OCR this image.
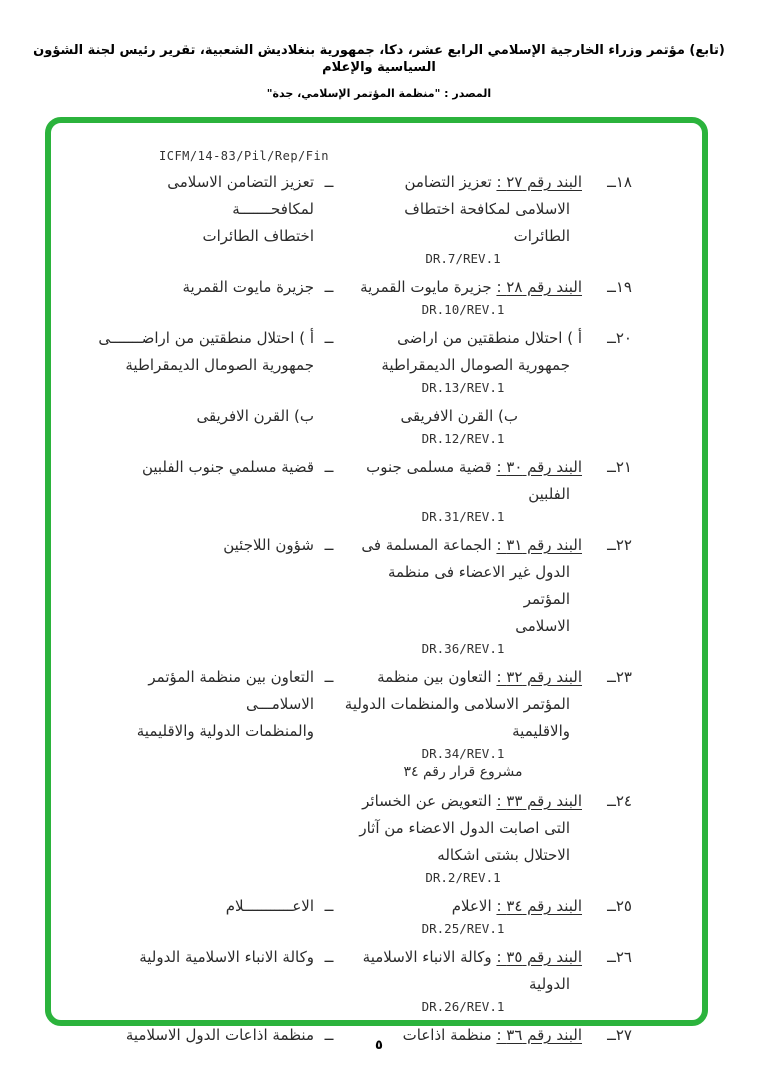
(تابع) مؤتمر وزراء الخارجية الإسلامي الرابع عشر، دكا، جمهورية بنغلاديش الشعبية، تقرير رئيس لجنة الشؤون السياسية والإعلام
المصدر : "منظمة المؤتمر الإسلامي، جدة"
ICFM/14-83/Pil/Rep/Fin
١٨ــ
البند رقم ٢٧ : تعزيز التضامن
الاسلامى لمكافحة اختطاف الطائرات
DR.7/REV.1
ــ
تعزيز التضامن الاسلامى لمكافحـــــــة
اختطاف الطائرات
١٩ــ
البند رقم ٢٨ : جزيرة مايوت القمرية
DR.10/REV.1
ــ
جزيرة مايوت القمرية
٢٠ــ
أ ) احتلال منطقتين من اراضى
جمهورية الصومال الديمقراطية
DR.13/REV.1
ــ
أ ) احتلال منطقتين من اراضـــــــى
جمهورية الصومال الديمقراطية
ب) القرن الافريقى
DR.12/REV.1
ب) القرن الافريقى
٢١ــ
البند رقم ٣٠ : قضية مسلمى جنوب
الفلبين
DR.31/REV.1
ــ
قضية مسلمي جنوب الفلبين
٢٢ــ
البند رقم ٣١ : الجماعة المسلمة فى
الدول غير الاعضاء فى منظمة المؤتمر
الاسلامى
DR.36/REV.1
ــ
شؤون اللاجئين
٢٣ــ
البند رقم ٣٢ : التعاون بين منظمة
المؤتمر الاسلامى والمنظمات الدولية
والاقليمية
DR.34/REV.1
مشروع قرار رقم ٣٤
ــ
التعاون بين منظمة المؤتمر الاسلامـــى
والمنظمات الدولية والاقليمية
٢٤ــ
البند رقم ٣٣ : التعويض عن الخسائر
التى اصابت الدول الاعضاء من آثار
الاحتلال بشتى اشكاله
DR.2/REV.1
٢٥ــ
البند رقم ٣٤ : الاعلام
DR.25/REV.1
ــ
الاعـــــــــــلام
٢٦ــ
البند رقم ٣٥ : وكالة الانباء الاسلامية
الدولية
DR.26/REV.1
ــ
وكالة الانباء الاسلامية الدولية
٢٧ــ
البند رقم ٣٦ : منظمة اذاعات
ــ
منظمة اذاعات الدول الاسلامية
٥
